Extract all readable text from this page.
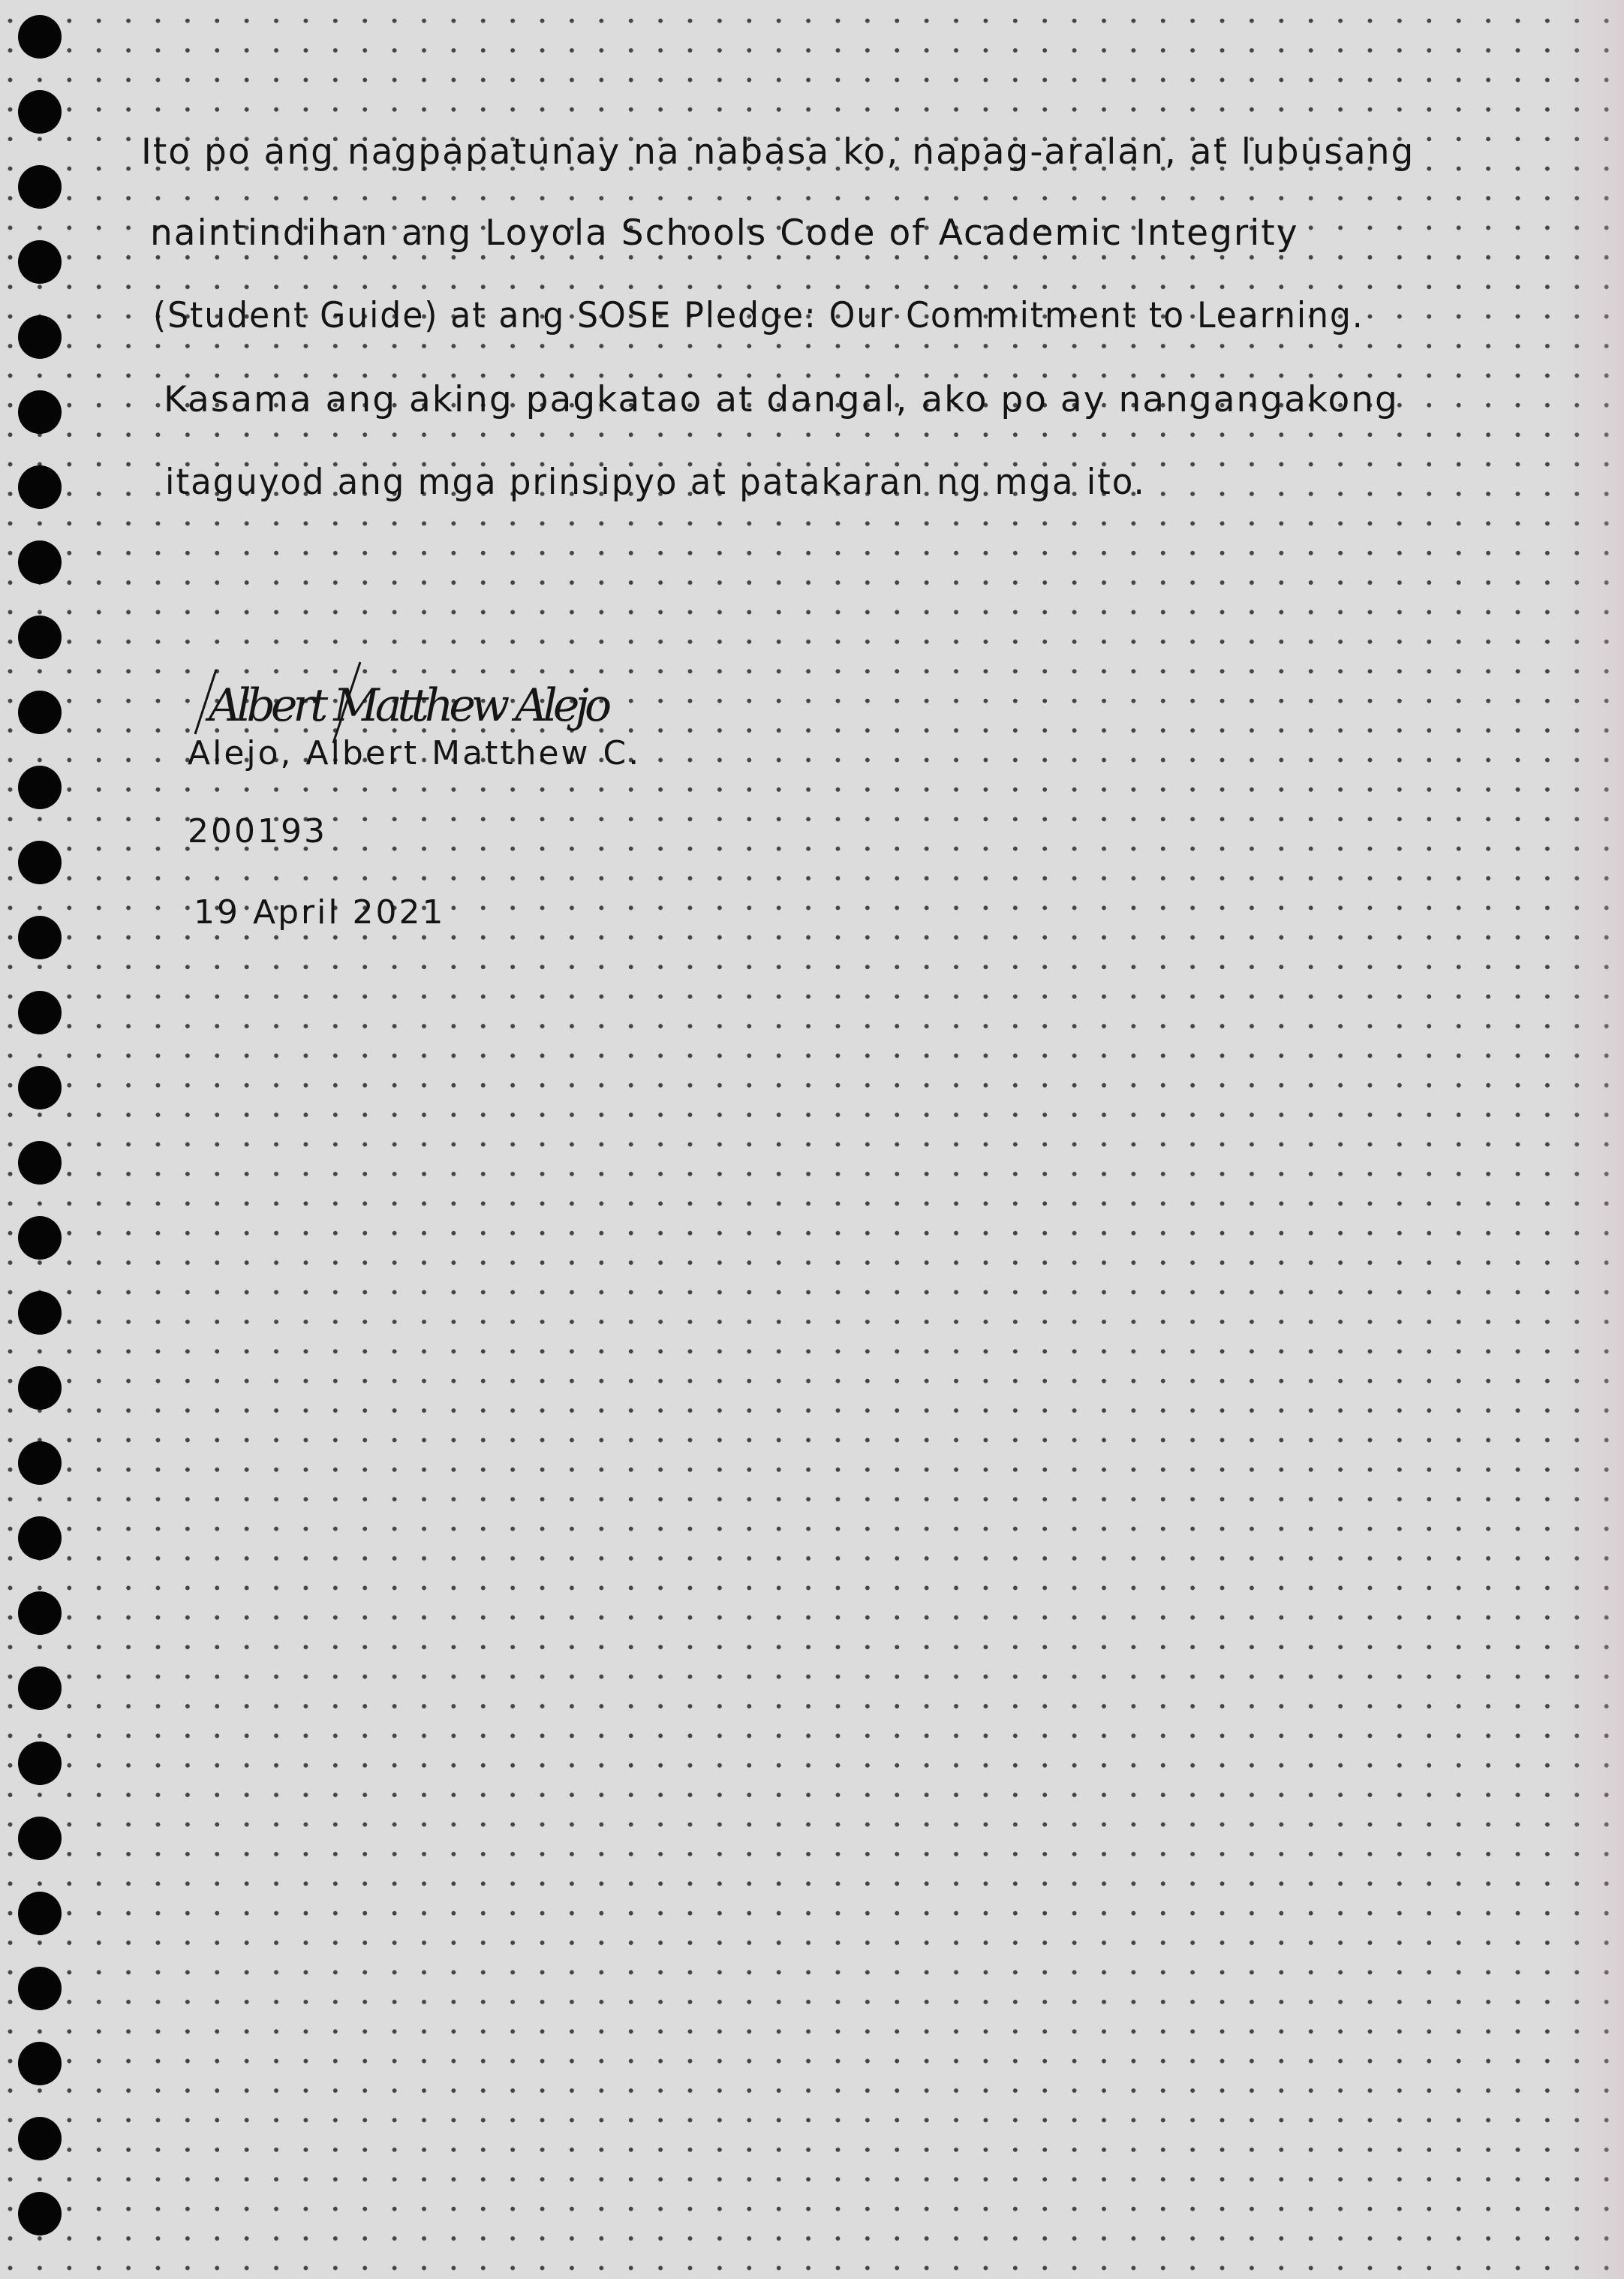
Ito po ang nagpapatunay na nabasa ko, napag-aralan, at lubusang
naintindihan ang Loyola Schools Code of Academic Integrity
(Student Guide) at ang SOSE Pledge: Our Commitment to Learning.
Kasama ang aking pagkatao at dangal, ako po ay nangangakong
itaguyod ang mga prinsipyo at patakaran ng mga ito.
Albert Matthew Alejo
Alejo, Albert Matthew C.
200193
19 April 2021
